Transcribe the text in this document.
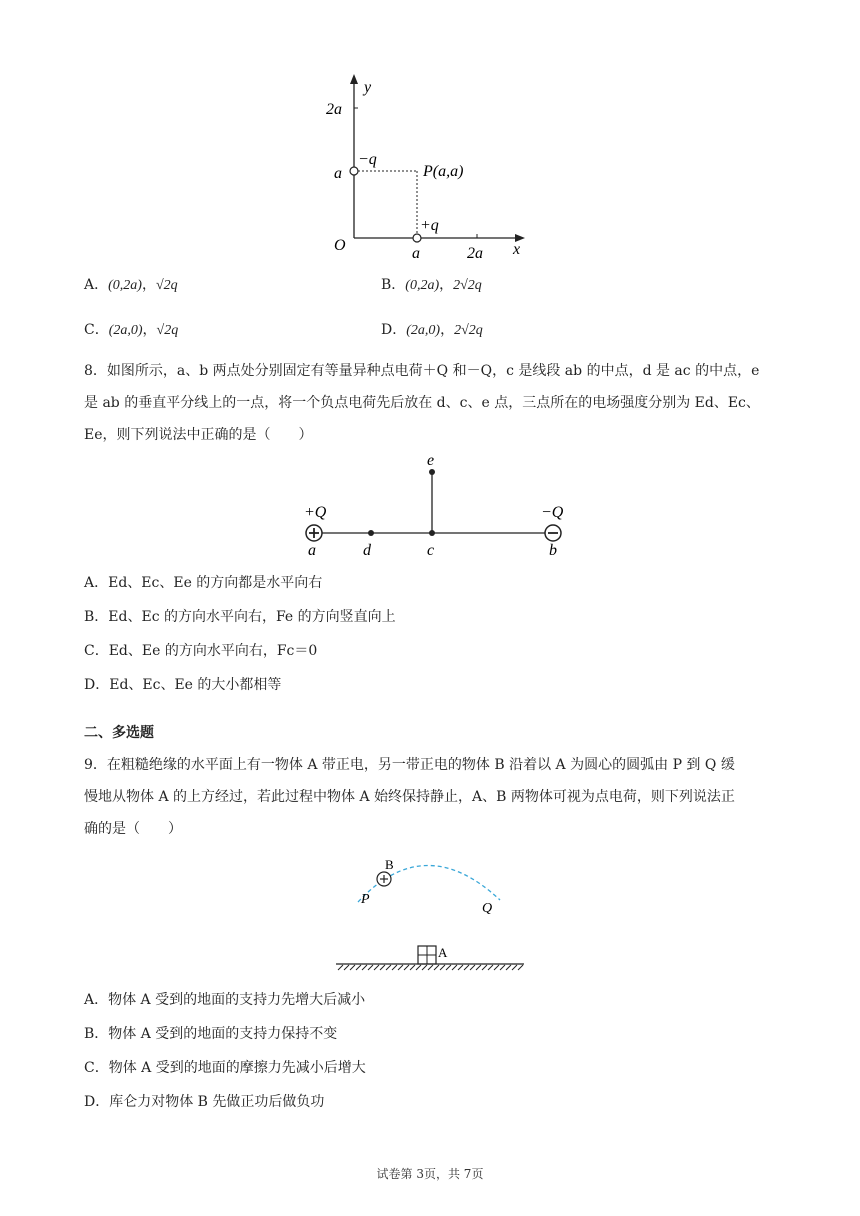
y
x
O
2a
a
a	2a
−q
+q
P(a,a)
A．(0,2a)，√2q	B．(0,2a)，2√2q
C．(2a,0)，√2q	D．(2a,0)，2√2q
8．如图所示，a、b 两点处分别固定有等量异种点电荷＋Q 和－Q，c 是线段 ab 的中点，d 是 ac 的中点，e
是 ab 的垂直平分线上的一点，将一个负点电荷先后放在 d、c、e 点，三点所在的电场强度分别为 Ed、Ec、
Ee，则下列说法中正确的是（　　）
+Q	−Q
a	d	c	b
e
A．Ed、Ec、Ee 的方向都是水平向右
B．Ed、Ec 的方向水平向右，Fe 的方向竖直向上
C．Ed、Ee 的方向水平向右，Fc＝0
D．Ed、Ec、Ee 的大小都相等
二、多选题
9．在粗糙绝缘的水平面上有一物体 A 带正电，另一带正电的物体 B 沿着以 A 为圆心的圆弧由 P 到 Q 缓
慢地从物体 A 的上方经过，若此过程中物体 A 始终保持静止，A、B 两物体可视为点电荷，则下列说法正
确的是（　　）
B
P
Q
A
A．物体 A 受到的地面的支持力先增大后减小
B．物体 A 受到的地面的支持力保持不变
C．物体 A 受到的地面的摩擦力先减小后增大
D．库仑力对物体 B 先做正功后做负功
试卷第 3页，共 7页
